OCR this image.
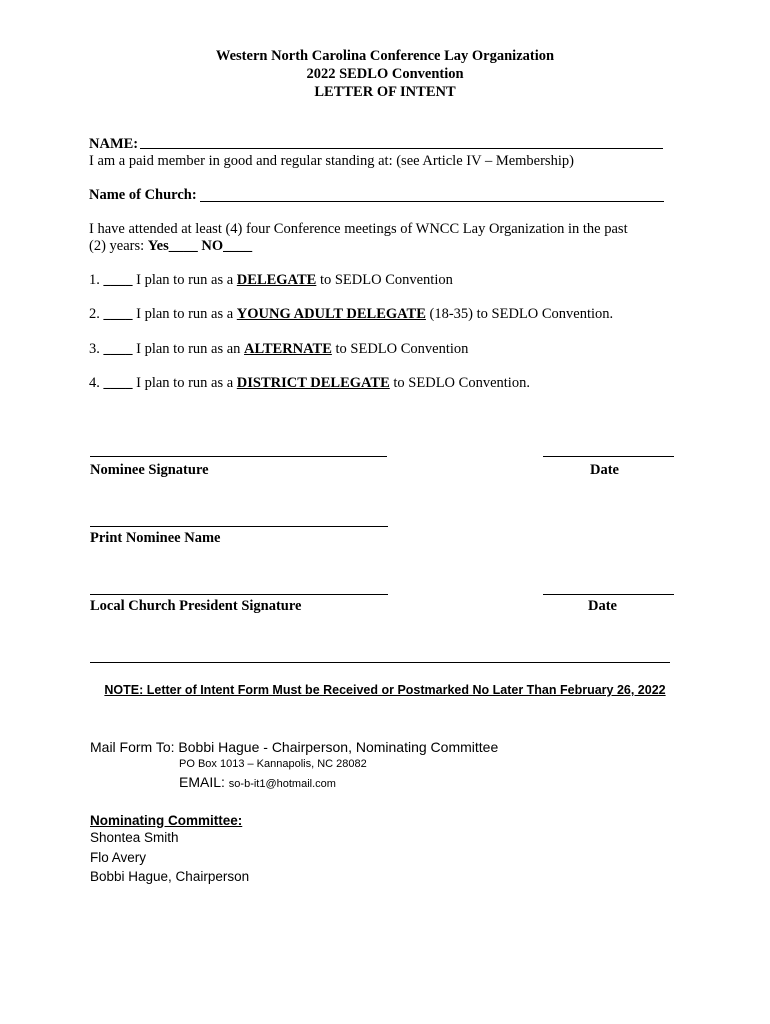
Western North Carolina Conference Lay Organization
2022 SEDLO Convention
LETTER OF INTENT
NAME:
I am a paid member in good and regular standing at: (see Article IV – Membership)
Name of Church:
I have attended at least (4) four Conference meetings of WNCC Lay Organization in the past
(2) years: Yes____ NO____
1. ____ I plan to run as a DELEGATE to SEDLO Convention
2. ____ I plan to run as a YOUNG ADULT DELEGATE (18-35) to SEDLO Convention.
3. ____ I plan to run as an ALTERNATE to SEDLO Convention
4. ____ I plan to run as a DISTRICT DELEGATE to SEDLO Convention.
Nominee Signature	Date
Print Nominee Name
Local Church President Signature	Date
NOTE: Letter of Intent Form Must be Received or Postmarked No Later Than February 26, 2022
Mail Form To: Bobbi Hague - Chairperson, Nominating Committee
PO Box 1013 – Kannapolis, NC 28082
EMAIL: so-b-it1@hotmail.com
Nominating Committee:
Shontea Smith
Flo Avery
Bobbi Hague, Chairperson
